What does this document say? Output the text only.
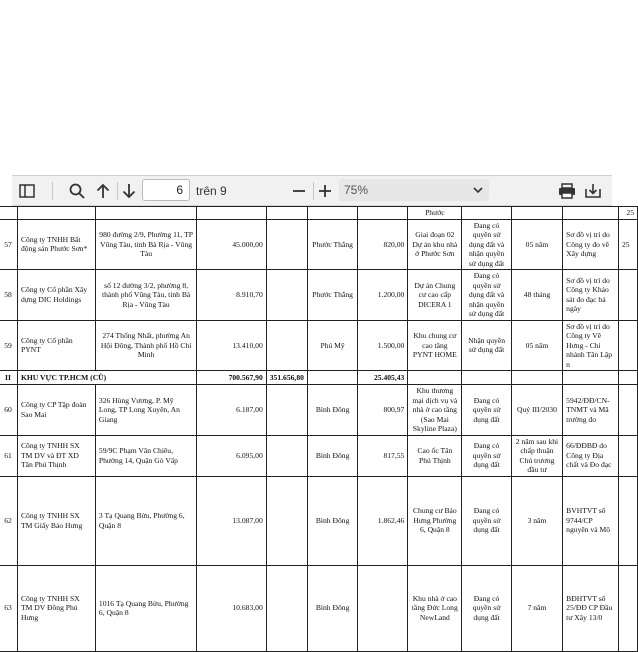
6
trên 9	75%
							Phước				25
57	Công ty TNHH Bất động sản Phước Sơn*	980 đường 2/9, Phường 11, TP Vũng Tàu, tỉnh Bà Rịa - Vũng Tàu	45.000,00		Phước Thắng	820,00	Giai đoạn 02 Dự án khu nhà ở Phước Sơn	Đang có quyền sử dụng đất và nhận quyền sử dụng đất	05 năm	Sơ đồ vị trí do Công ty đo vẽ Xây dựng	25
58	Công ty Cổ phần Xây dựng DIC Holdings	số 12 đường 3/2, phường 8, thành phố Vũng Tàu, tỉnh Bà Rịa - Vũng Tàu	8.910,70		Phước Thắng	1.200,00	Dự án Chung cư cao cấp DICERA 1	Đang có quyền sử dụng đất và nhận quyền sử dụng đất	48 tháng	Sơ đồ vị trí do Công ty Khảo sát đo đạc bả ngày	
59	Công ty Cổ phần PYNT	274 Thống Nhất, phường An Hội Đông, Thành phố Hồ Chí Minh	13.410,00		Phú Mỹ	1.500,00	Khu chung cư cao tầng PYNT HOME	Nhận quyền sử dụng đất	05 năm	Sơ đồ vị trí do Công ty Vẽ Hưng - Chi nhánh Tân Lập n	
II	KHU VỰC TP.HCM (CŨ)		700.567,90	351.656,80		25.405,43					
60	Công ty CP Tập đoàn Sao Mai	326 Hùng Vương, P. Mỹ Long, TP Long Xuyên, An Giang	6.187,00		Bình Đông	800,97	Khu thương mại dịch vụ và nhà ở cao tầng (Sao Mai Skyline Plaza)	Đang có quyền sử dụng đất	Quý III/2030	5942/ĐĐ/CN-TNMT và Mã trường đo	
61	Công ty TNHH SX TM DV và ĐT XD Tân Phú Thịnh	59/9C Phạm Văn Chiêu, Phường 14, Quận Gò Vấp	6.095,00		Bình Đông	817,55	Cao ốc Tân Phú Thịnh	Đang có quyền sử dụng đất	2 năm sau khi chấp thuận Chủ trương đầu tư	66/ĐĐBĐ do Công ty Địa chất và Đo đạc	
62	Công ty TNHH SX TM Giấy Bảo Hưng	3 Tạ Quang Bửu, Phường 6, Quận 8	13.087,00		Bình Đông	1.862,46	Chung cư Bảo Hưng Phường 6, Quận 8	Đang có quyền sử dụng đất	3 năm	BVHTVT số 9744/CP nguyên và Mô	
63	Công ty TNHH SX TM DV Đồng Phú Hưng	1016 Tạ Quang Bửu, Phường 6, Quận 8	10.683,00		Bình Đông		Khu nhà ở cao tầng Đức Long NewLand	Đang có quyền sử dụng đất	7 năm	BĐHTVT số 25/ĐĐ CP Đầu tư Xây 13/0	
